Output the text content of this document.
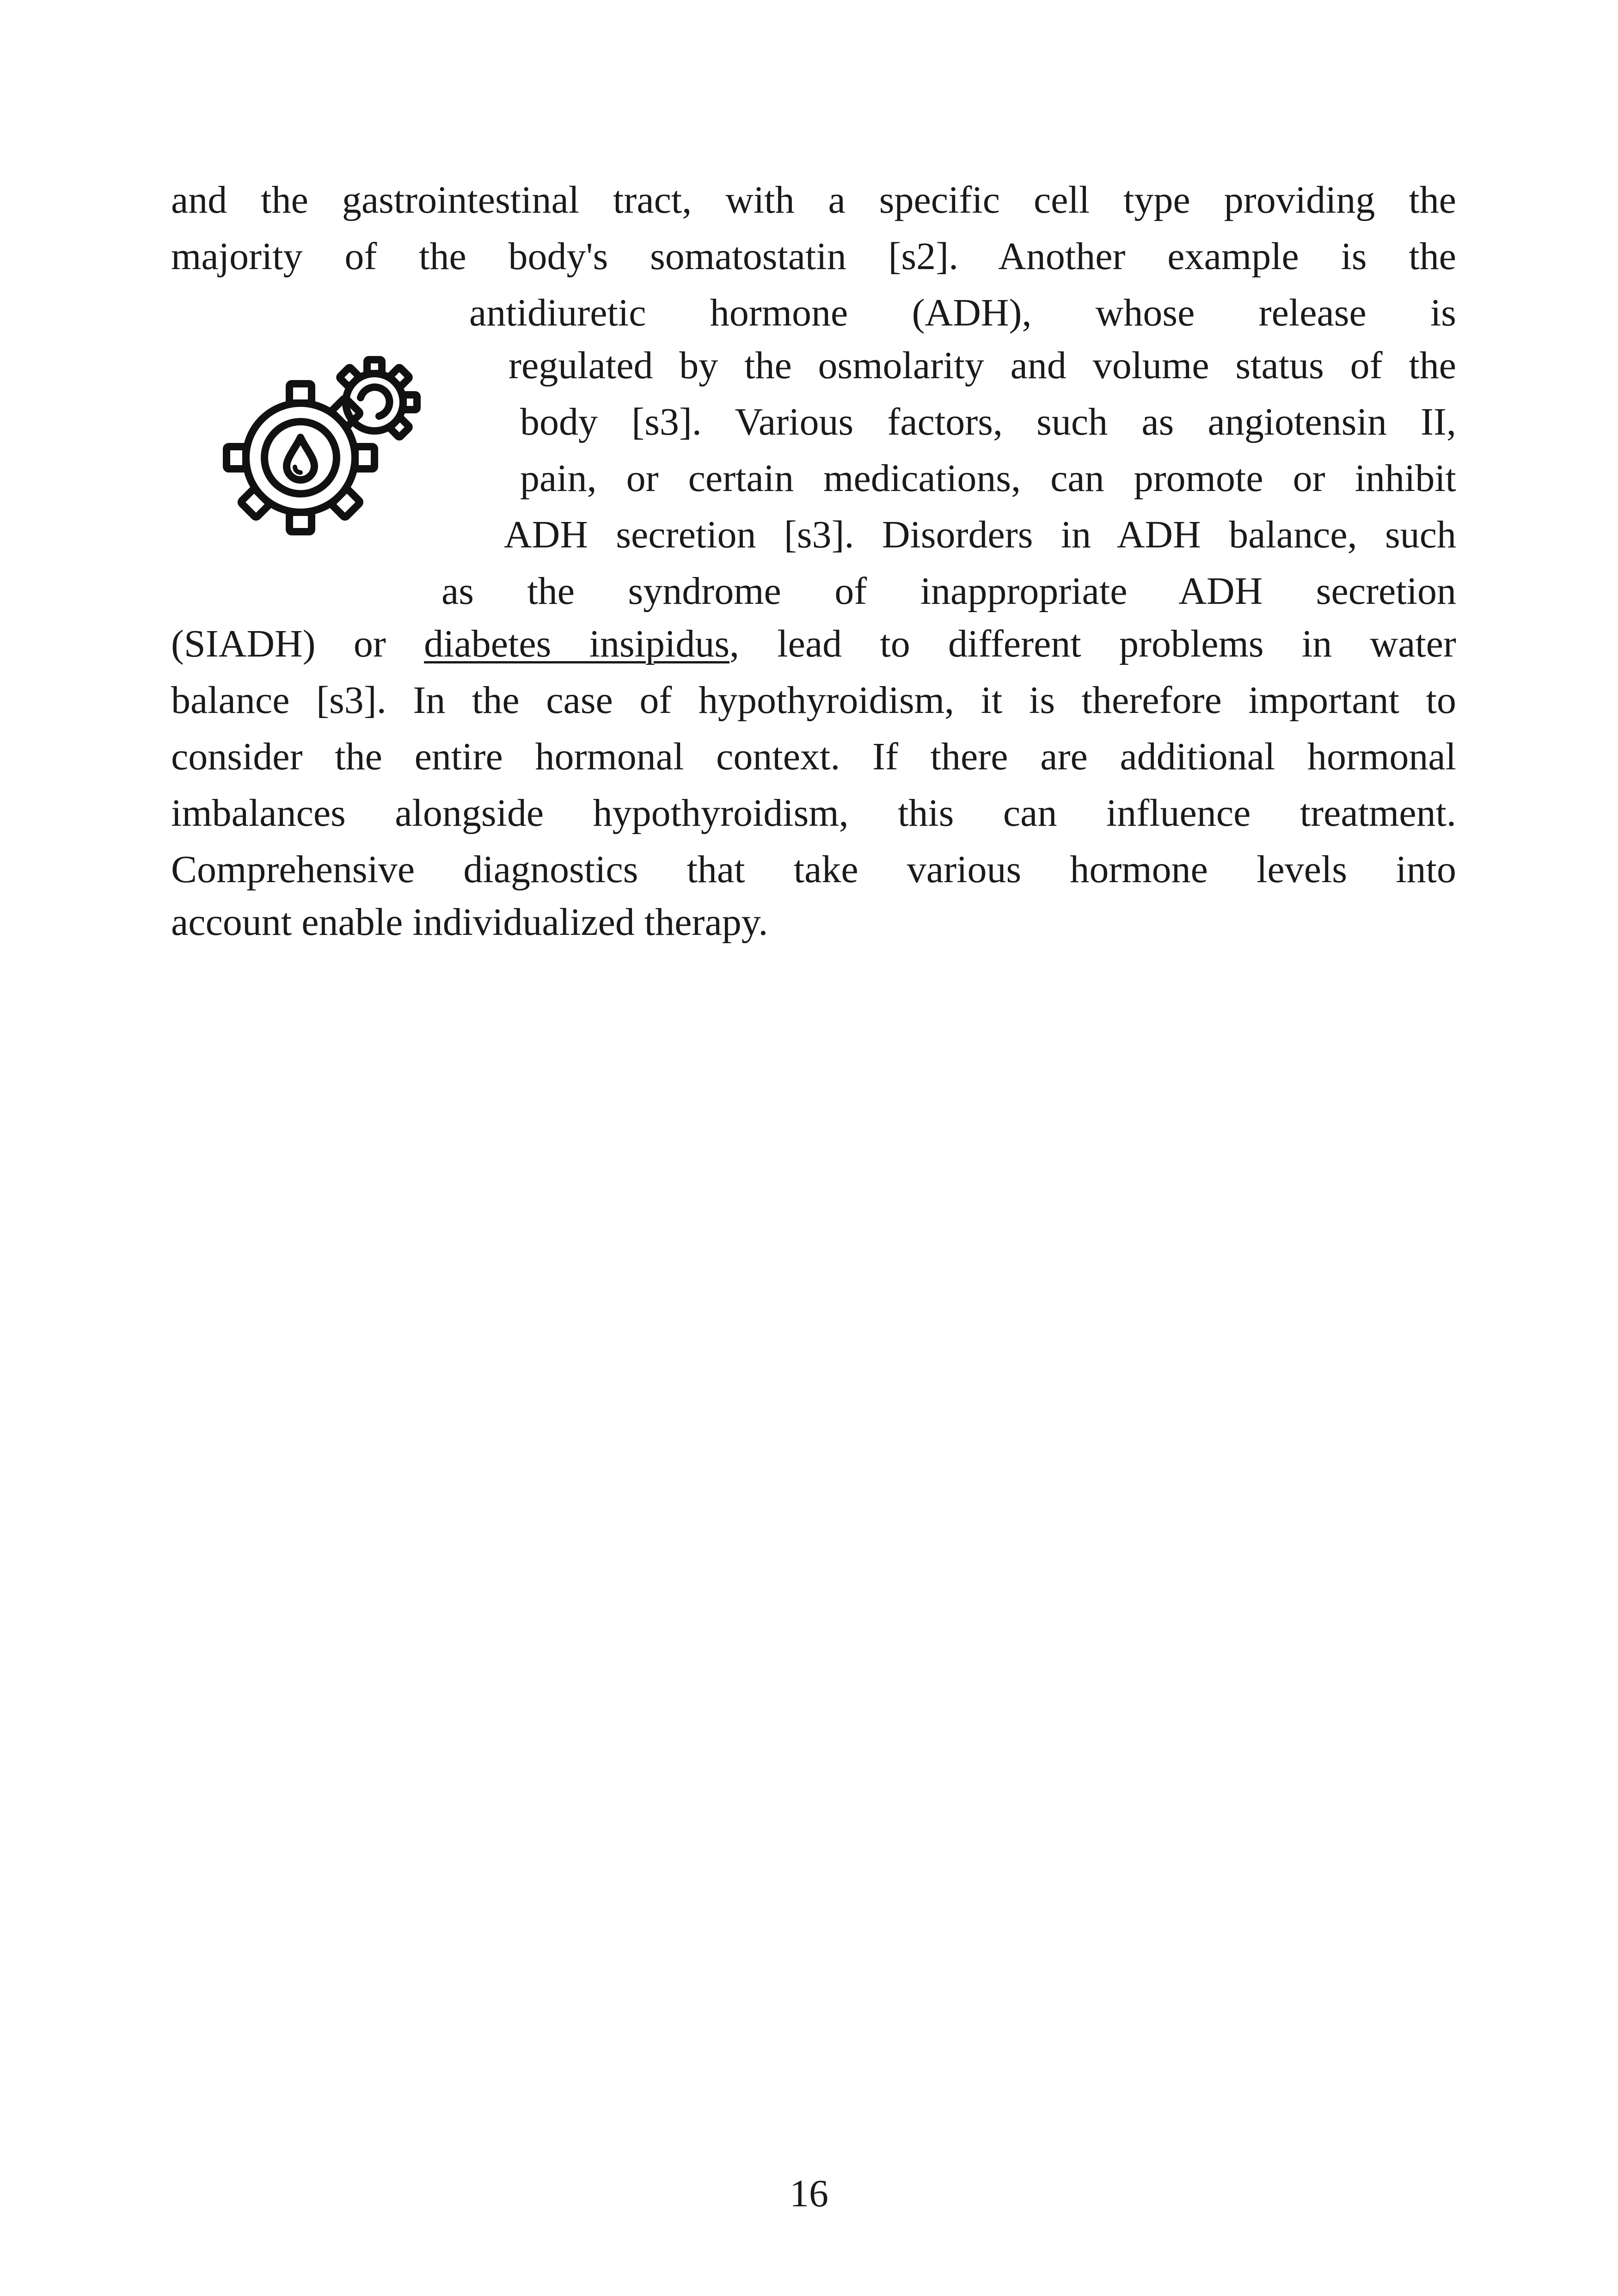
and the gastrointestinal tract, with a specific cell type providing the
majority of the body's somatostatin [s2]. Another example is the
antidiuretic hormone (ADH), whose release is
regulated by the osmolarity and volume status of the
body [s3]. Various factors, such as angiotensin II,
pain, or certain medications, can promote or inhibit
ADH secretion [s3]. Disorders in ADH balance, such
as the syndrome of inappropriate ADH secretion
(SIADH) or diabetes insipidus, lead to different problems in water
balance [s3]. In the case of hypothyroidism, it is therefore important to
consider the entire hormonal context. If there are additional hormonal
imbalances alongside hypothyroidism, this can influence treatment.
Comprehensive diagnostics that take various hormone levels into
account enable individualized therapy.
16
